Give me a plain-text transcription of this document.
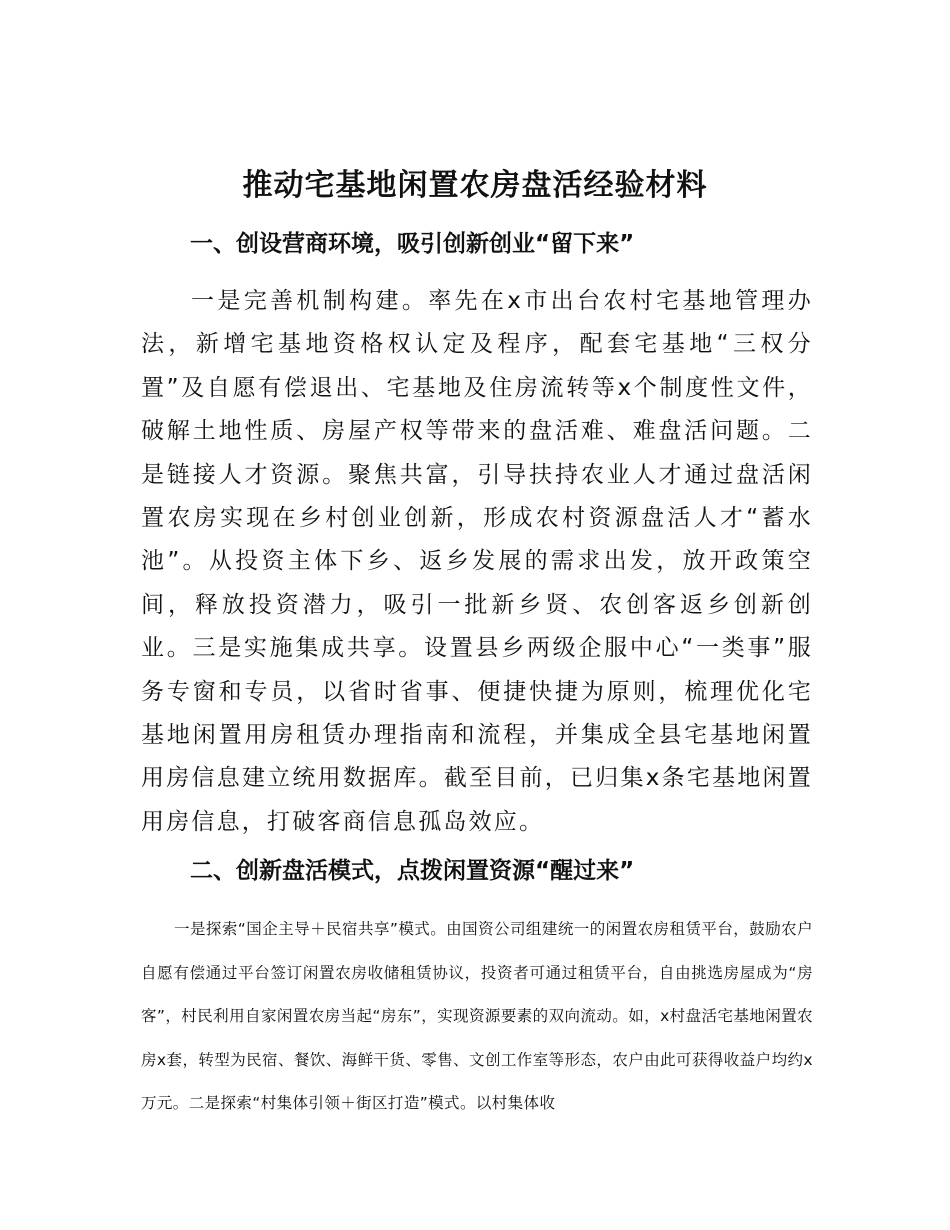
推动宅基地闲置农房盘活经验材料
一、创设营商环境，吸引创新创业“留下来”

一是完善机制构建。率先在x市出台农村宅基地管理办法，新增宅基地资格权认定及程序，配套宅基地“三权分置”及自愿有偿退出、宅基地及住房流转等x个制度性文件，破解土地性质、房屋产权等带来的盘活难、难盘活问题。二是链接人才资源。聚焦共富，引导扶持农业人才通过盘活闲置农房实现在乡村创业创新，形成农村资源盘活人才“蓄水池”。从投资主体下乡、返乡发展的需求出发，放开政策空间，释放投资潜力，吸引一批新乡贤、农创客返乡创新创业。三是实施集成共享。设置县乡两级企服中心“一类事”服务专窗和专员，以省时省事、便捷快捷为原则，梳理优化宅基地闲置用房租赁办理指南和流程，并集成全县宅基地闲置用房信息建立统用数据库。截至目前，已归集x条宅基地闲置用房信息，打破客商信息孤岛效应。

二、创新盘活模式，点拨闲置资源“醒过来”

一是探索“国企主导＋民宿共享”模式。由国资公司组建统一的闲置农房租赁平台，鼓励农户自愿有偿通过平台签订闲置农房收储租赁协议，投资者可通过租赁平台，自由挑选房屋成为“房客”，村民利用自家闲置农房当起“房东”，实现资源要素的双向流动。如，x村盘活宅基地闲置农房x套，转型为民宿、餐饮、海鲜干货、零售、文创工作室等形态，农户由此可获得收益户均约x万元。二是探索“村集体引领＋街区打造”模式。以村集体收
